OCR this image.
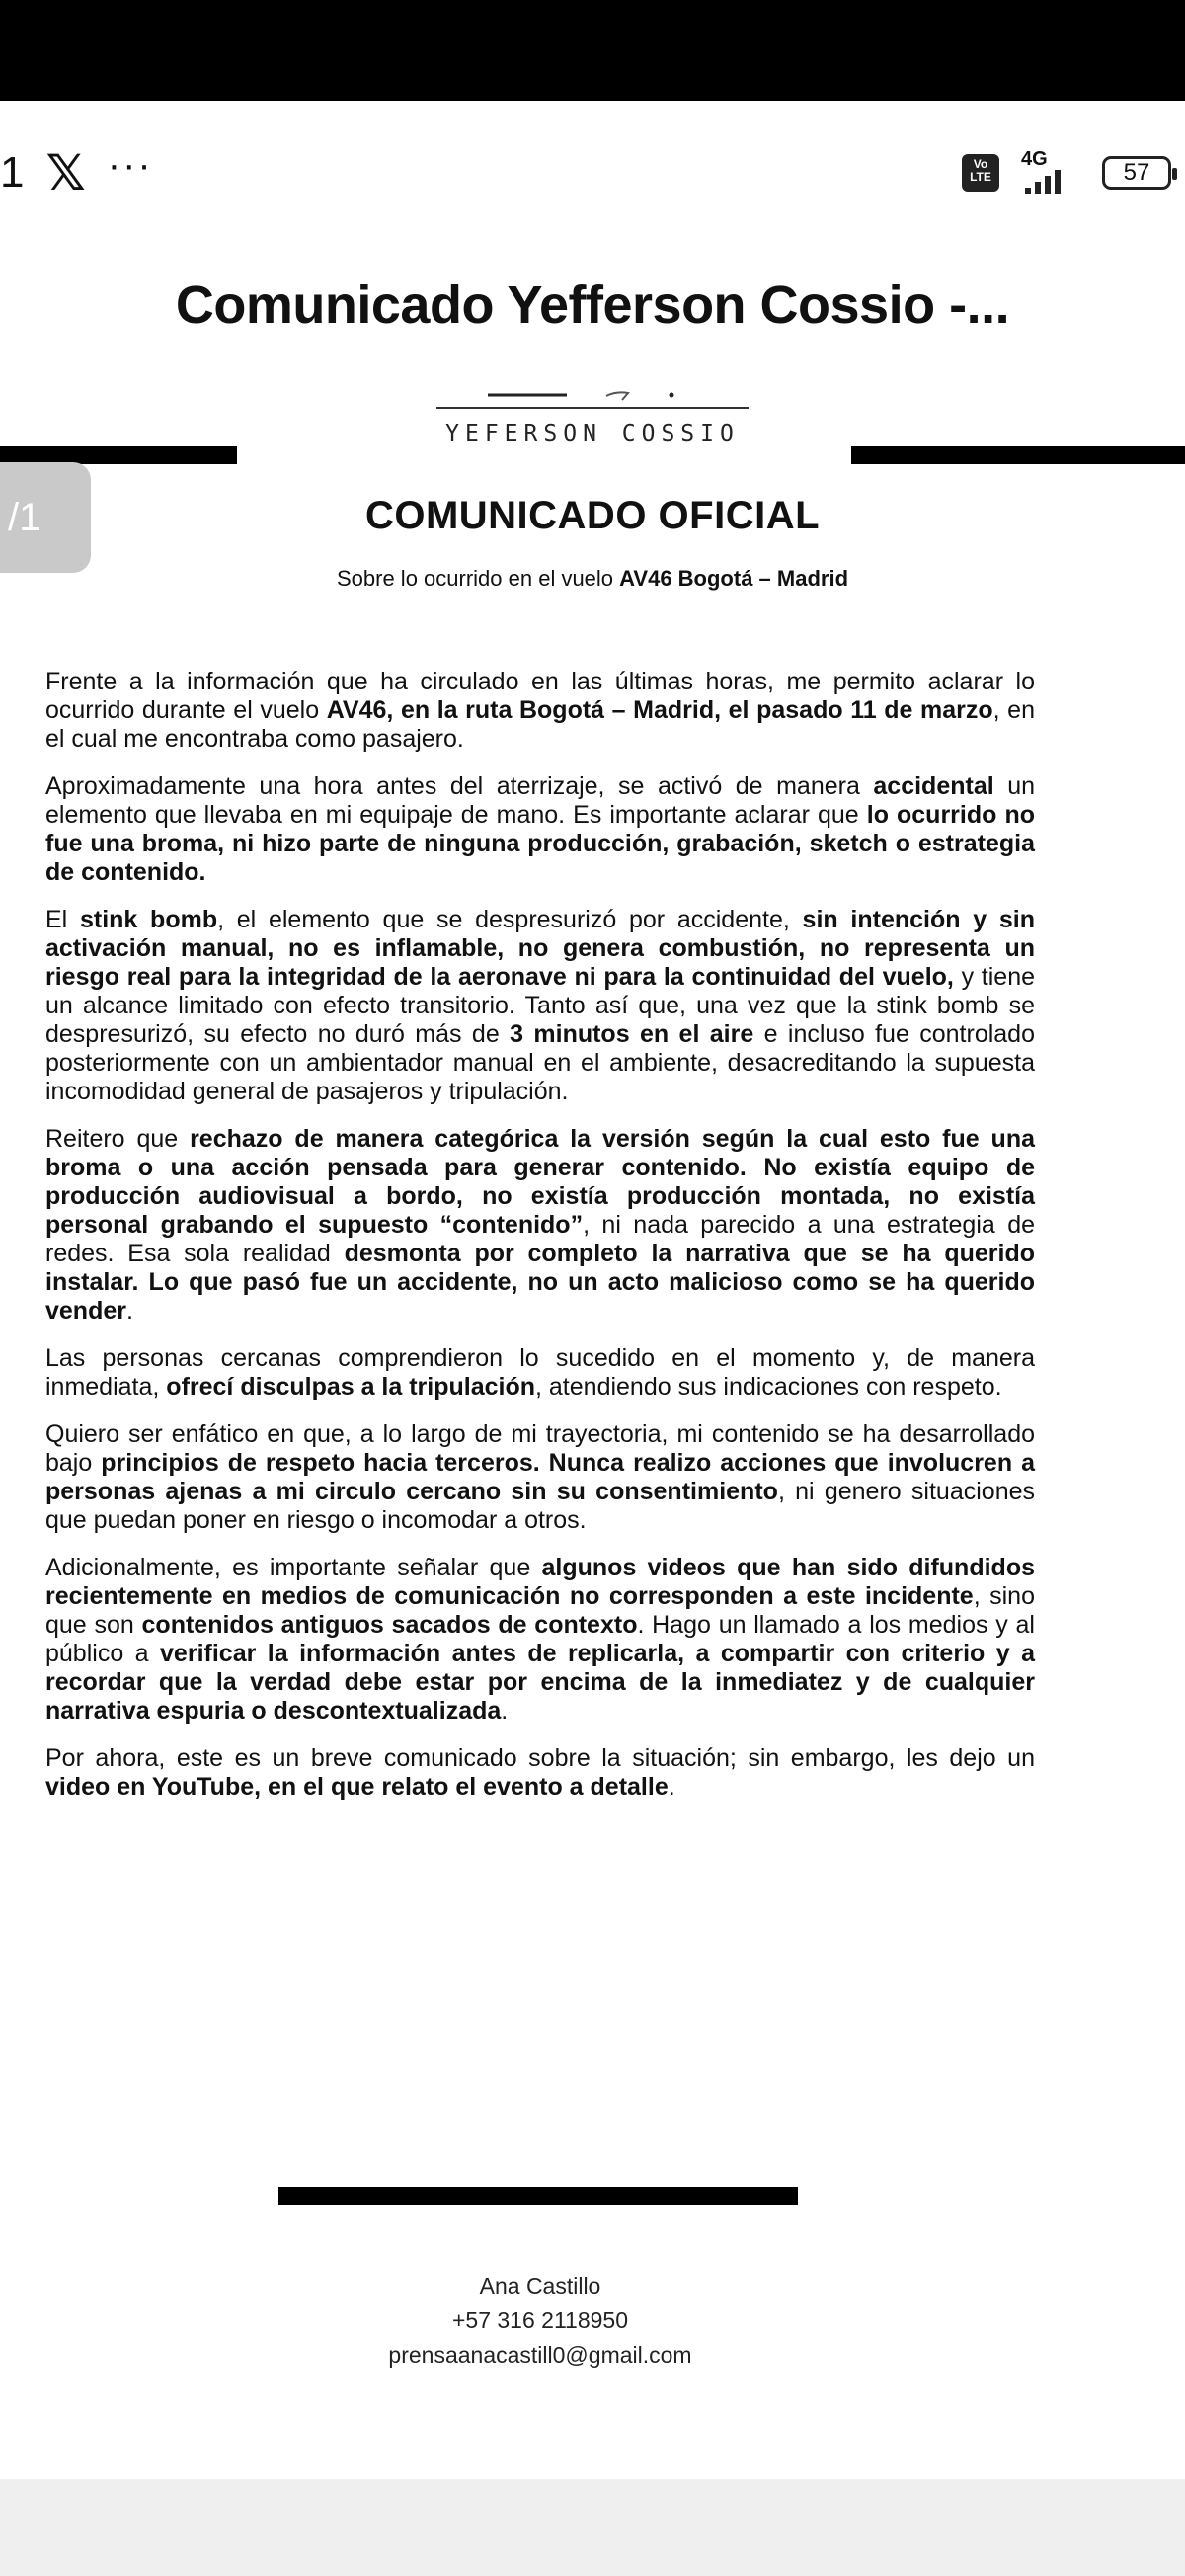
1 𝕏 ···	Vo LTE
4G	57
Comunicado Yefferson Cossio -...
YEFERSON COSSIO
/1	COMUNICADO OFICIAL
Sobre lo ocurrido en el vuelo AV46 Bogotá – Madrid

Frente a la información que ha circulado en las últimas horas, me permito aclarar lo ocurrido durante el vuelo AV46, en la ruta Bogotá – Madrid, el pasado 11 de marzo, en el cual me encontraba como pasajero.

Aproximadamente una hora antes del aterrizaje, se activó de manera accidental un elemento que llevaba en mi equipaje de mano. Es importante aclarar que lo ocurrido no fue una broma, ni hizo parte de ninguna producción, grabación, sketch o estrategia de contenido.

El stink bomb, el elemento que se despresurizó por accidente, sin intención y sin activación manual, no es inflamable, no genera combustión, no representa un riesgo real para la integridad de la aeronave ni para la continuidad del vuelo, y tiene un alcance limitado con efecto transitorio. Tanto así que, una vez que la stink bomb se despresurizó, su efecto no duró más de 3 minutos en el aire e incluso fue controlado posteriormente con un ambientador manual en el ambiente, desacreditando la supuesta incomodidad general de pasajeros y tripulación.

Reitero que rechazo de manera categórica la versión según la cual esto fue una broma o una acción pensada para generar contenido. No existía equipo de producción audiovisual a bordo, no existía producción montada, no existía personal grabando el supuesto “contenido”, ni nada parecido a una estrategia de redes. Esa sola realidad desmonta por completo la narrativa que se ha querido instalar. Lo que pasó fue un accidente, no un acto malicioso como se ha querido vender.

Las personas cercanas comprendieron lo sucedido en el momento y, de manera inmediata, ofrecí disculpas a la tripulación, atendiendo sus indicaciones con respeto.

Quiero ser enfático en que, a lo largo de mi trayectoria, mi contenido se ha desarrollado bajo principios de respeto hacia terceros. Nunca realizo acciones que involucren a personas ajenas a mi circulo cercano sin su consentimiento, ni genero situaciones que puedan poner en riesgo o incomodar a otros.

Adicionalmente, es importante señalar que algunos videos que han sido difundidos recientemente en medios de comunicación no corresponden a este incidente, sino que son contenidos antiguos sacados de contexto. Hago un llamado a los medios y al público a verificar la información antes de replicarla, a compartir con criterio y a recordar que la verdad debe estar por encima de la inmediatez y de cualquier narrativa espuria o descontextualizada.

Por ahora, este es un breve comunicado sobre la situación; sin embargo, les dejo un video en YouTube, en el que relato el evento a detalle.

Ana Castillo
+57 316 2118950
prensaanacastill0@gmail.com
